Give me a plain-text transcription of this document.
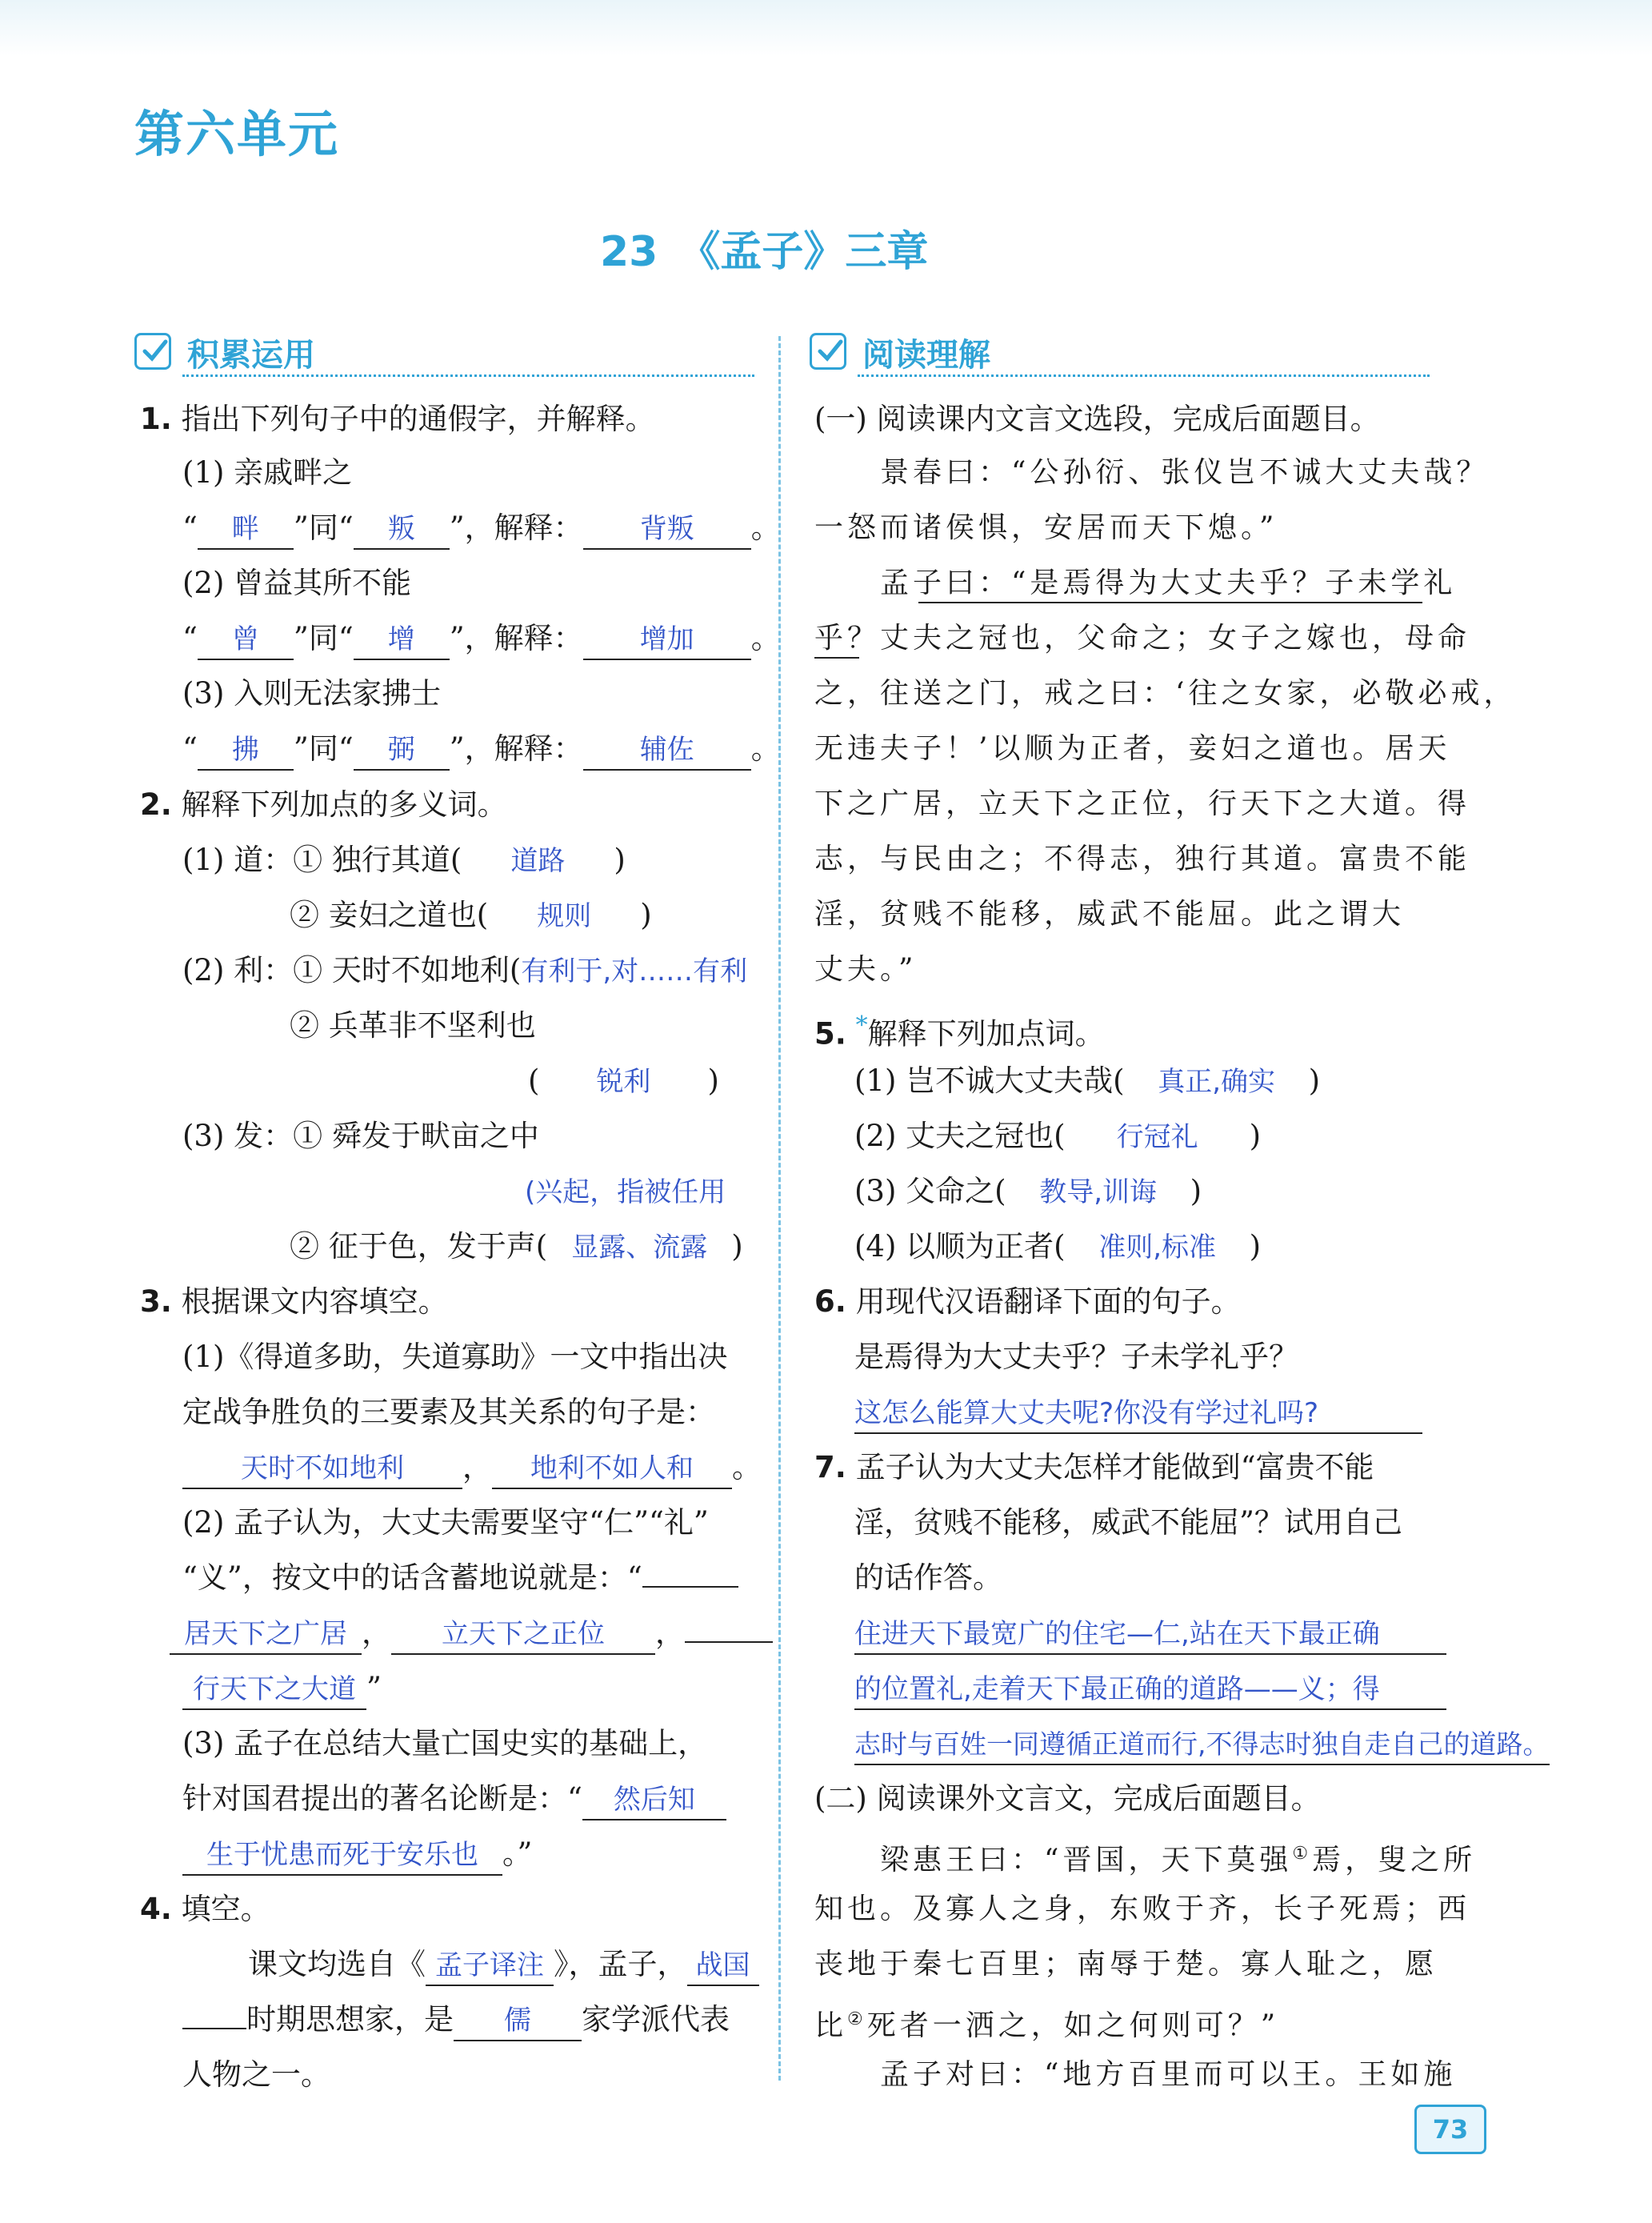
第六单元
23　《孟子》三章
积累运用	阅读理解
1. 指出下列句子中的通假字，并解释。
(1) 亲戚畔之
“ 畔 ”同“ 叛 ”，解释： 背叛 。
(2) 曾益其所不能
“ 曾 ”同“ 增 ”，解释： 增加 。
(3) 入则无法家拂士
“ 拂 ”同“ 弼 ”，解释： 辅佐 。
2. 解释下列加点的多义词。
(1) 道：① 独行其道( 道路 )
② 妾妇之道也( 规则 )
(2) 利：① 天时不如地利(有利于,对……有利
② 兵革非不坚利也
( 锐利 )
(3) 发：① 舜发于畎亩之中
(兴起，指被任用
② 征于色，发于声( 显露、流露 )
3. 根据课文内容填空。
(1)《得道多助，失道寡助》一文中指出决
定战争胜负的三要素及其关系的句子是：
天时不如地利 ， 地利不如人和 。
(2) 孟子认为，大丈夫需要坚守“仁”“礼”
“义”，按文中的话含蓄地说就是：“
居天下之广居 ， 立天下之正位 ，
行天下之大道 ”
(3) 孟子在总结大量亡国史实的基础上，
针对国君提出的著名论断是：“ 然后知
生于忧患而死于安乐也 。”
4. 填空。
课文均选自《 孟子译注 》，孟子， 战国
时期思想家，是 儒 家学派代表
人物之一。
(一) 阅读课内文言文选段，完成后面题目。
景春曰：“公孙衍、张仪岂不诚大丈夫哉？
一怒而诸侯惧，安居而天下熄。”
孟子曰：“是焉得为大丈夫乎？子未学礼
乎？丈夫之冠也，父命之；女子之嫁也，母命
之，往送之门，戒之曰：‘往之女家，必敬必戒，
无违夫子！’以顺为正者，妾妇之道也。居天
下之广居，立天下之正位，行天下之大道。得
志，与民由之；不得志，独行其道。富贵不能
淫，贫贱不能移，威武不能屈。此之谓大
丈夫。”
5. *解释下列加点词。
(1) 岂不诚大丈夫哉( 真正,确实 )
(2) 丈夫之冠也( 行冠礼 )
(3) 父命之( 教导,训诲 )
(4) 以顺为正者( 准则,标准 )
6. 用现代汉语翻译下面的句子。
是焉得为大丈夫乎？子未学礼乎？
这怎么能算大丈夫呢?你没有学过礼吗?
7. 孟子认为大丈夫怎样才能做到“富贵不能
淫，贫贱不能移，威武不能屈”？试用自己
的话作答。
住进天下最宽广的住宅—仁,站在天下最正确
的位置礼,走着天下最正确的道路——义；得
志时与百姓一同遵循正道而行,不得志时独自走自己的道路。
(二) 阅读课外文言文，完成后面题目。
梁惠王曰：“晋国，天下莫强①焉，叟之所
知也。及寡人之身，东败于齐，长子死焉；西
丧地于秦七百里；南辱于楚。寡人耻之，愿
比②死者一洒之，如之何则可？”
孟子对曰：“地方百里而可以王。王如施
73
